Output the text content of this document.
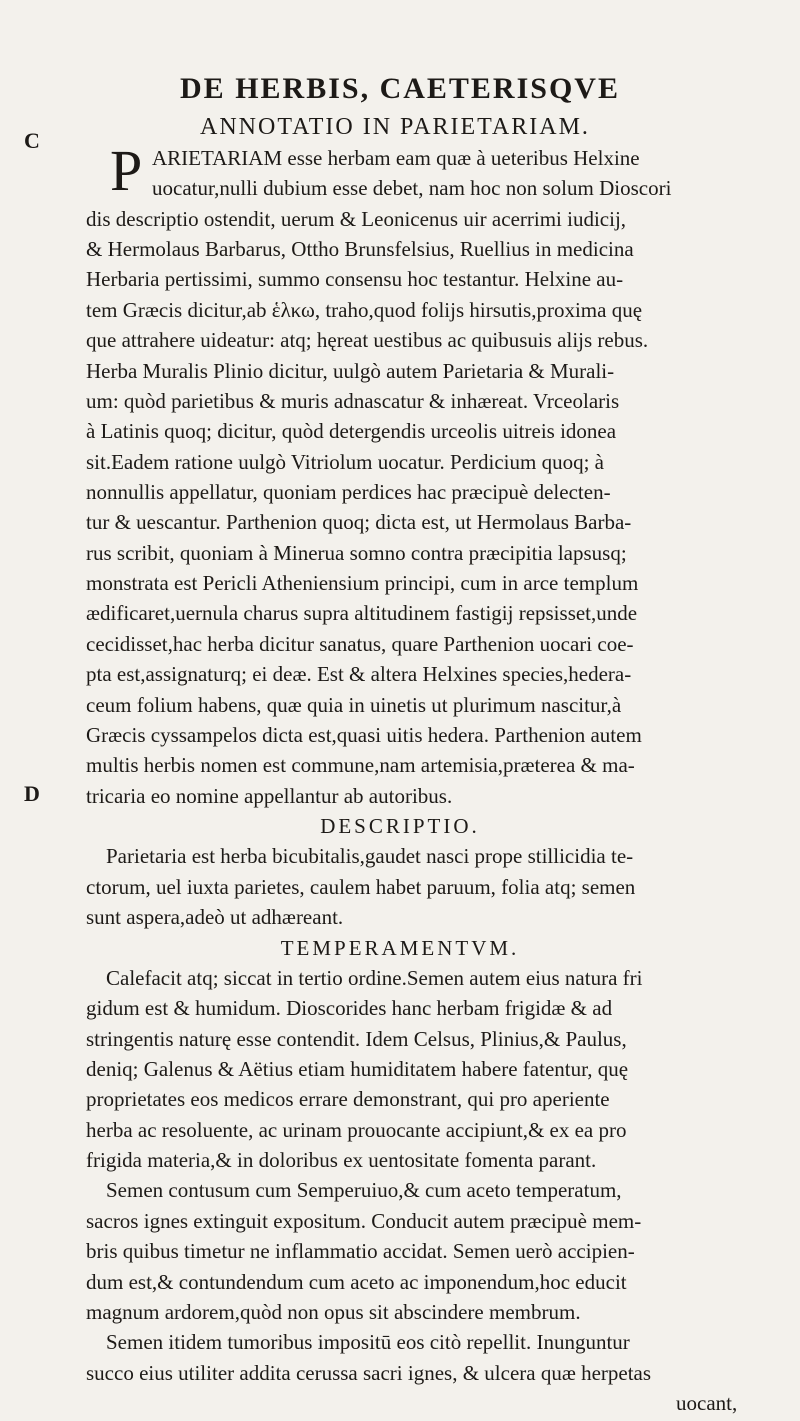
DE HERBIS, CAETERISQVE
C
ANNOTATIO IN PARIETARIAM.
P ARIETARIAM esse herbam eam quæ à ueteribus Helxine
uocatur,nulli dubium esse debet, nam hoc non solum Dioscori
dis descriptio ostendit, uerum & Leonicenus uir acerrimi iudicij,
& Hermolaus Barbarus, Ottho Brunsfelsius, Ruellius in medicina
Herbaria pertissimi, summo consensu hoc testantur. Helxine au-
tem Græcis dicitur,ab ἑλκω, traho,quod folijs hirsutis,proxima quę
que attrahere uideatur: atq; hęreat uestibus ac quibusuis alijs rebus.
Herba Muralis Plinio dicitur, uulgò autem Parietaria & Murali-
um: quòd parietibus & muris adnascatur & inhæreat. Vrceolaris
à Latinis quoq; dicitur, quòd detergendis urceolis uitreis idonea
sit.Eadem ratione uulgò Vitriolum uocatur. Perdicium quoq; à
nonnullis appellatur, quoniam perdices hac præcipuè delecten-
tur & uescantur. Parthenion quoq; dicta est, ut Hermolaus Barba-
rus scribit, quoniam à Minerua somno contra præcipitia lapsusq;
monstrata est Pericli Atheniensium principi, cum in arce templum
ædificaret,uernula charus supra altitudinem fastigij repsisset,unde
cecidisset,hac herba dicitur sanatus, quare Parthenion uocari coe-
pta est,assignaturq; ei deæ. Est & altera Helxines species,hedera-
ceum folium habens, quæ quia in uinetis ut plurimum nascitur,à
Græcis cyssampelos dicta est,quasi uitis hedera. Parthenion autem
multis herbis nomen est commune,nam artemisia,præterea & ma-
D tricaria eo nomine appellantur ab autoribus.
DESCRIPTIO.
Parietaria est herba bicubitalis,gaudet nasci prope stillicidia te-
ctorum, uel iuxta parietes, caulem habet paruum, folia atq; semen
sunt aspera,adeò ut adhæreant.
TEMPERAMENTVM.
Calefacit atq; siccat in tertio ordine.Semen autem eius natura fri
gidum est & humidum. Dioscorides hanc herbam frigidæ & ad
stringentis naturę esse contendit. Idem Celsus, Plinius,& Paulus,
deniq; Galenus & Aëtius etiam humiditatem habere fatentur, quę
proprietates eos medicos errare demonstrant, qui pro aperiente
herba ac resoluente, ac urinam prouocante accipiunt,& ex ea pro
frigida materia,& in doloribus ex uentositate fomenta parant.
Semen contusum cum Semperuiuo,& cum aceto temperatum,
sacros ignes extinguit expositum. Conducit autem præcipuè mem-
bris quibus timetur ne inflammatio accidat. Semen uerò accipien-
dum est,& contundendum cum aceto ac imponendum,hoc educit
magnum ardorem,quòd non opus sit abscindere membrum.
Semen itidem tumoribus impositū eos citò repellit. Inunguntur
succo eius utiliter addita cerussa sacri ignes, & ulcera quæ herpetas
uocant,
